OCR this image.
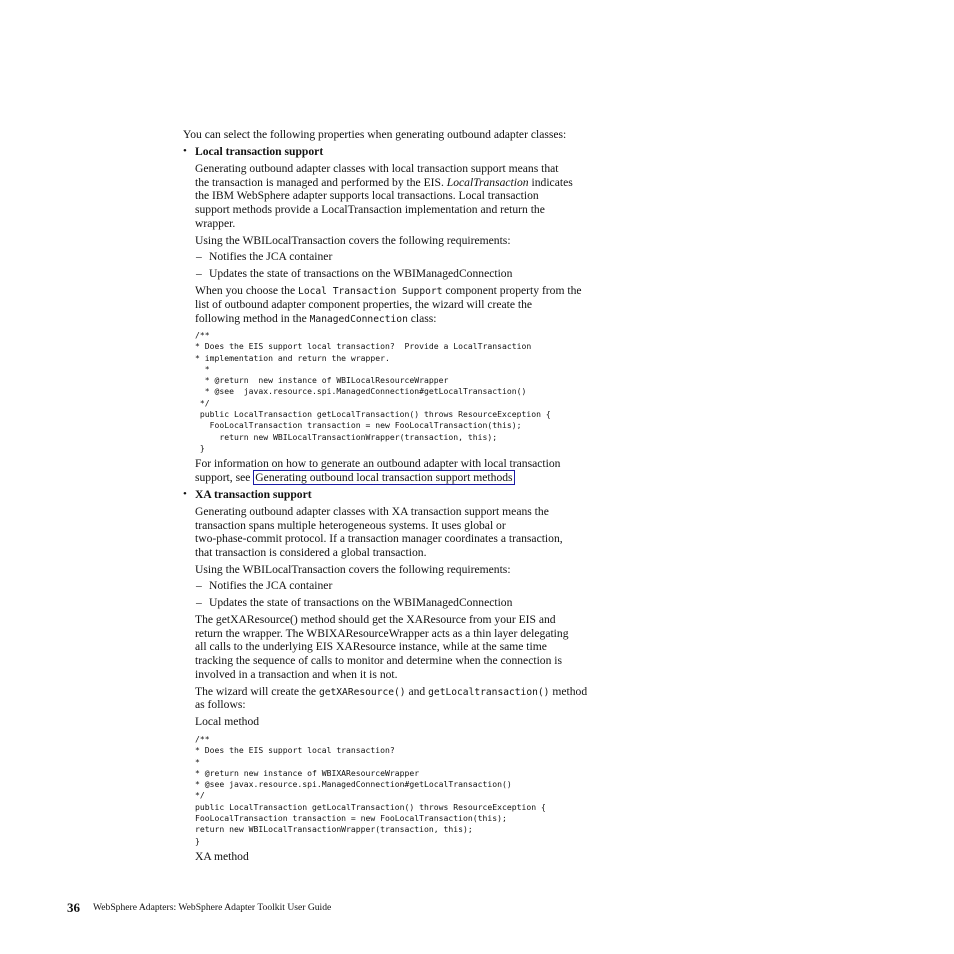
You can select the following properties when generating outbound adapter classes:
• Local transaction support
Generating outbound adapter classes with local transaction support means that
the transaction is managed and performed by the EIS. LocalTransaction indicates
the IBM WebSphere adapter supports local transactions. Local transaction
support methods provide a LocalTransaction implementation and return the
wrapper.
Using the WBILocalTransaction covers the following requirements:
– Notifies the JCA container
– Updates the state of transactions on the WBIManagedConnection
When you choose the Local Transaction Support component property from the
list of outbound adapter component properties, the wizard will create the
following method in the ManagedConnection class:
/**
* Does the EIS support local transaction?  Provide a LocalTransaction
* implementation and return the wrapper.
*
* @return  new instance of WBILocalResourceWrapper
* @see  javax.resource.spi.ManagedConnection#getLocalTransaction()
*/
public LocalTransaction getLocalTransaction() throws ResourceException {
FooLocalTransaction transaction = new FooLocalTransaction(this);
return new WBILocalTransactionWrapper(transaction, this);
}
For information on how to generate an outbound adapter with local transaction
support, see Generating outbound local transaction support methods
• XA transaction support
Generating outbound adapter classes with XA transaction support means the
transaction spans multiple heterogeneous systems. It uses global or
two-phase-commit protocol. If a transaction manager coordinates a transaction,
that transaction is considered a global transaction.
Using the WBILocalTransaction covers the following requirements:
– Notifies the JCA container
– Updates the state of transactions on the WBIManagedConnection
The getXAResource() method should get the XAResource from your EIS and
return the wrapper. The WBIXAResourceWrapper acts as a thin layer delegating
all calls to the underlying EIS XAResource instance, while at the same time
tracking the sequence of calls to monitor and determine when the connection is
involved in a transaction and when it is not.
The wizard will create the getXAResource() and getLocaltransaction() method
as follows:
Local method
/**
* Does the EIS support local transaction?
*
* @return new instance of WBIXAResourceWrapper
* @see javax.resource.spi.ManagedConnection#getLocalTransaction()
*/
public LocalTransaction getLocalTransaction() throws ResourceException {
FooLocalTransaction transaction = new FooLocalTransaction(this);
return new WBILocalTransactionWrapper(transaction, this);
}
XA method
36 WebSphere Adapters: WebSphere Adapter Toolkit User Guide
